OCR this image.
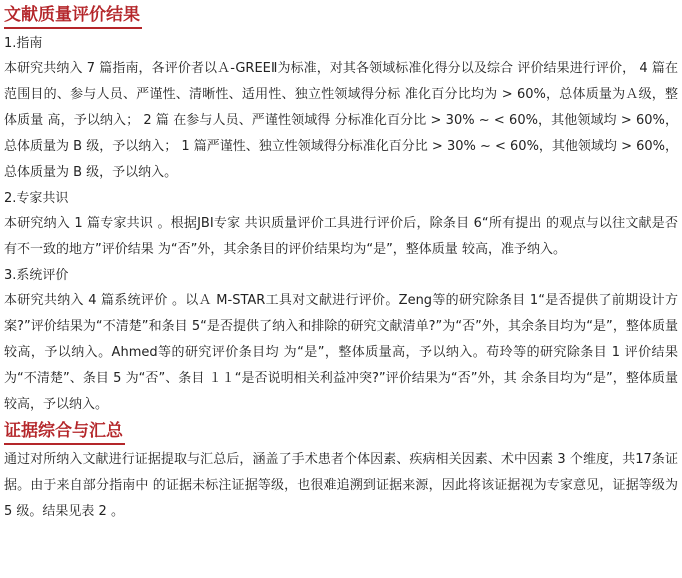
文献质量评价结果

1.指南

本研究共纳入 7 篇指南，各评价者以Ａ-GREEⅡ为标准，对其各领域标准化得分以及综合 评价结果进行评价， 4 篇在范围目的、参与人员、严谨性、清晰性、适用性、独立性领域得分标 准化百分比均为 > 60%，总体质量为Ａ级，整体质量 高，予以纳入； 2 篇 在参与人员、严谨性领域得 分标准化百分比 > 30% ~ < 60%，其他领域均 > 60%，总体质量为 B 级，予以纳入； 1 篇严谨性、独立性领域得分标准化百分比 > 30% ~ < 60%，其他领域均 > 60%，总体质量为 B 级，予以纳入。

2.专家共识

本研究纳入 1 篇专家共识 。根据JBI专家 共识质量评价工具进行评价后，除条目 6“所有提出 的观点与以往文献是否有不一致的地方”评价结果 为“否”外，其余条目的评价结果均为“是”，整体质量 较高，准予纳入。

3.系统评价

本研究共纳入 4 篇系统评价 。以Ａ M-STAR工具对文献进行评价。Zeng等的研究除条目 1“是否提供了前期设计方案?”评价结果为“不清楚”和条目 5“是否提供了纳入和排除的研究文献清单?”为“否”外，其余条目均为“是”，整体质量 较高，予以纳入。Ahmed等的研究评价条目均 为“是”，整体质量高，予以纳入。苟玲等的研究除条目 1 评价结果为“不清楚”、条目 5 为“否”、条目 １１“是否说明相关利益冲突?”评价结果为“否”外，其 余条目均为“是”，整体质量较高，予以纳入。

证据综合与汇总

通过对所纳入文献进行证据提取与汇总后，涵盖了手术患者个体因素、疾病相关因素、术中因素 3 个维度，共17条证据。由于来自部分指南中 的证据未标注证据等级，也很难追溯到证据来源，因此将该证据视为专家意见，证据等级为 5 级。结果见表 2 。
